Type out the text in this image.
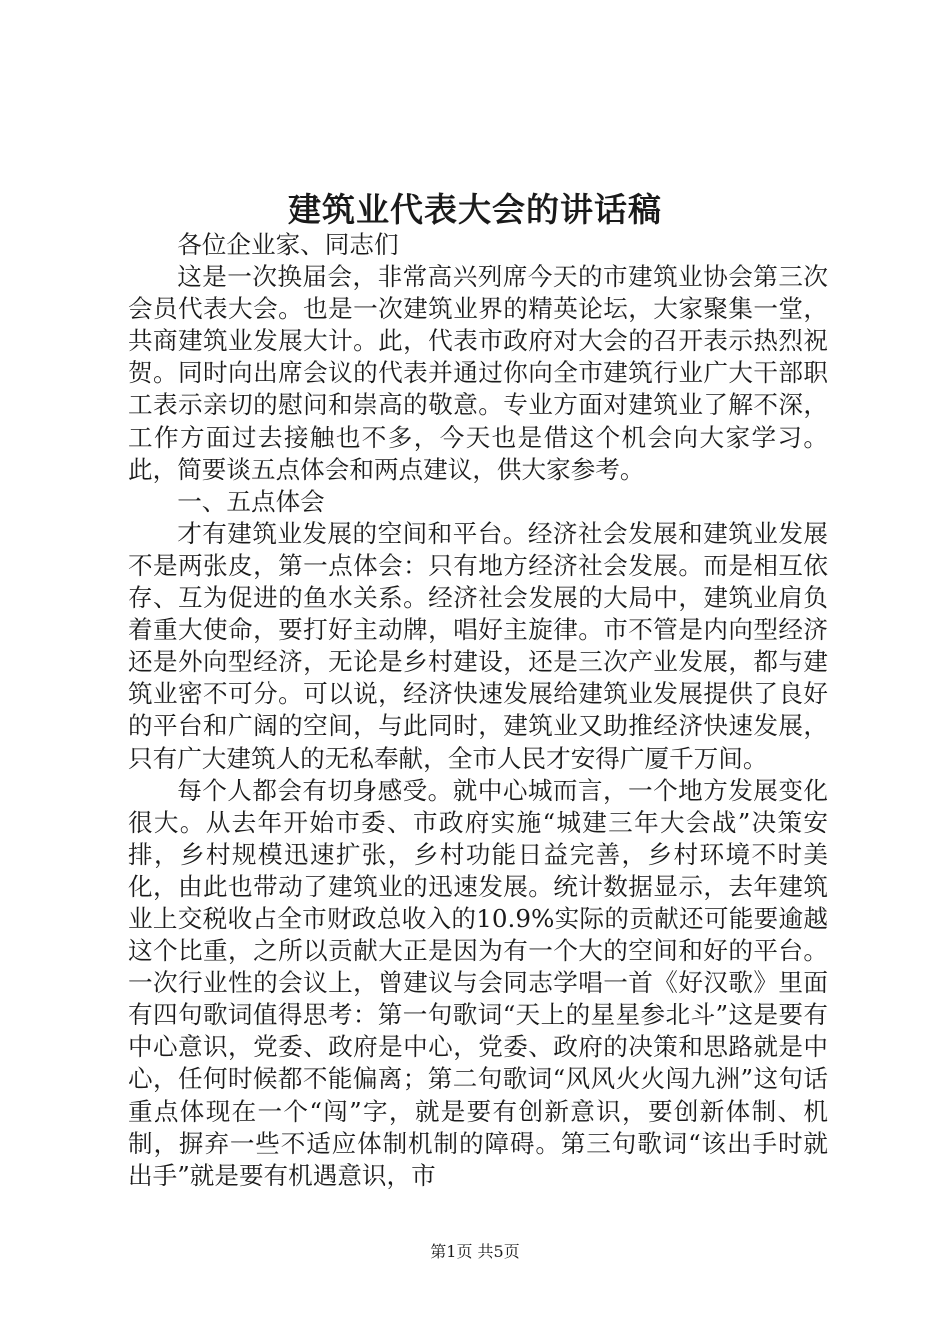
建筑业代表大会的讲话稿

各位企业家、同志们

这是一次换届会，非常高兴列席今天的市建筑业协会第三次会员代表大会。也是一次建筑业界的精英论坛，大家聚集一堂，共商建筑业发展大计。此，代表市政府对大会的召开表示热烈祝贺。同时向出席会议的代表并通过你向全市建筑行业广大干部职工表示亲切的慰问和崇高的敬意。专业方面对建筑业了解不深，工作方面过去接触也不多，今天也是借这个机会向大家学习。此，简要谈五点体会和两点建议，供大家参考。

一、五点体会

才有建筑业发展的空间和平台。经济社会发展和建筑业发展不是两张皮，第一点体会：只有地方经济社会发展。而是相互依存、互为促进的鱼水关系。经济社会发展的大局中，建筑业肩负着重大使命，要打好主动牌，唱好主旋律。市不管是内向型经济还是外向型经济，无论是乡村建设，还是三次产业发展，都与建筑业密不可分。可以说，经济快速发展给建筑业发展提供了良好的平台和广阔的空间，与此同时，建筑业又助推经济快速发展，只有广大建筑人的无私奉献，全市人民才安得广厦千万间。

每个人都会有切身感受。就中心城而言，一个地方发展变化很大。从去年开始市委、市政府实施“城建三年大会战”决策安排，乡村规模迅速扩张，乡村功能日益完善，乡村环境不时美化，由此也带动了建筑业的迅速发展。统计数据显示，去年建筑业上交税收占全市财政总收入的10.9%实际的贡献还可能要逾越这个比重，之所以贡献大正是因为有一个大的空间和好的平台。一次行业性的会议上，曾建议与会同志学唱一首《好汉歌》里面有四句歌词值得思考：第一句歌词“天上的星星参北斗”这是要有中心意识，党委、政府是中心，党委、政府的决策和思路就是中心，任何时候都不能偏离；第二句歌词“风风火火闯九洲”这句话重点体现在一个“闯”字，就是要有创新意识，要创新体制、机制，摒弃一些不适应体制机制的障碍。第三句歌词“该出手时就出手”就是要有机遇意识，市

第1页 共5页
